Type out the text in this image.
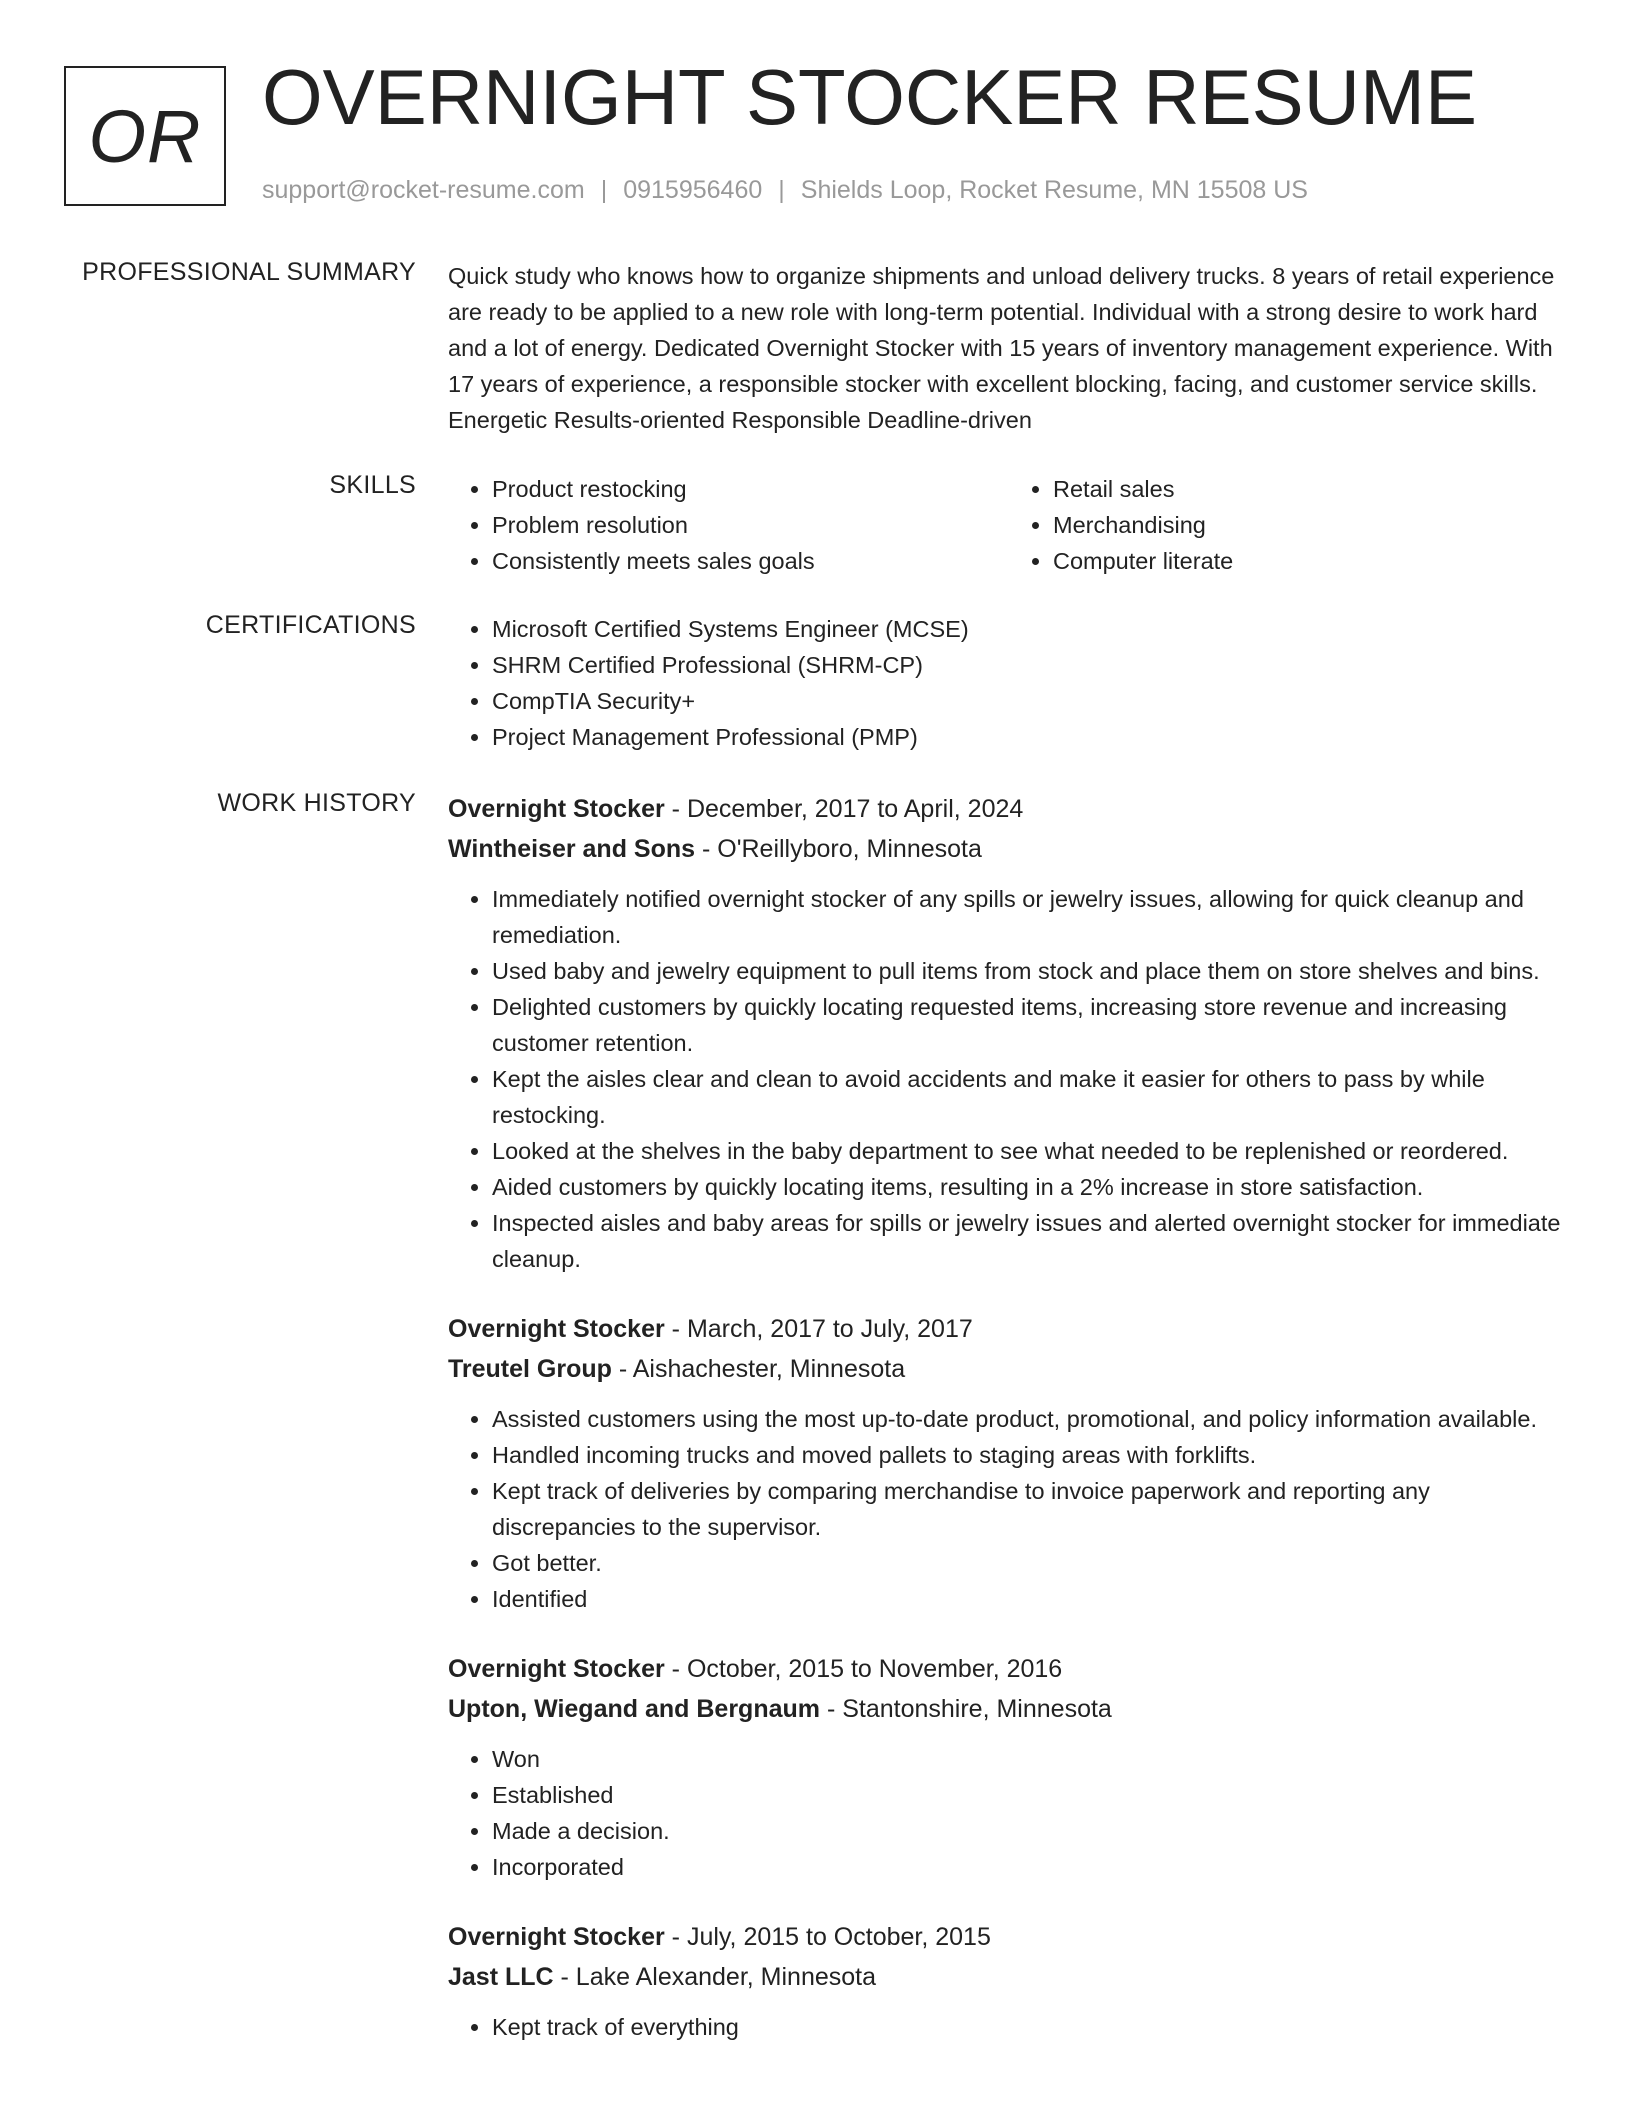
OR OVERNIGHT STOCKER RESUME
support@rocket-resume.com | 0915956460 | Shields Loop, Rocket Resume, MN 15508 US
PROFESSIONAL SUMMARY Quick study who knows how to organize shipments and unload delivery trucks. 8 years of retail experience are ready to be applied to a new role with long-term potential. Individual with a strong desire to work hard and a lot of energy. Dedicated Overnight Stocker with 15 years of inventory management experience. With 17 years of experience, a responsible stocker with excellent blocking, facing, and customer service skills. Energetic Results-oriented Responsible Deadline-driven

SKILLS	• Product restocking
• Problem resolution
• Consistently meets sales goals
• Retail sales
• Merchandising
• Computer literate
CERTIFICATIONS	• Microsoft Certified Systems Engineer (MCSE)
• SHRM Certified Professional (SHRM-CP)
• CompTIA Security+
• Project Management Professional (PMP)
WORK HISTORY Overnight Stocker - December, 2017 to April, 2024
Wintheiser and Sons - O'Reillyboro, Minnesota
• Immediately notified overnight stocker of any spills or jewelry issues, allowing for quick cleanup and remediation.
• Used baby and jewelry equipment to pull items from stock and place them on store shelves and bins.
• Delighted customers by quickly locating requested items, increasing store revenue and increasing customer retention.
• Kept the aisles clear and clean to avoid accidents and make it easier for others to pass by while restocking.
• Looked at the shelves in the baby department to see what needed to be replenished or reordered.
• Aided customers by quickly locating items, resulting in a 2% increase in store satisfaction.
• Inspected aisles and baby areas for spills or jewelry issues and alerted overnight stocker for immediate cleanup.
Overnight Stocker - March, 2017 to July, 2017
Treutel Group - Aishachester, Minnesota
• Assisted customers using the most up-to-date product, promotional, and policy information available.
• Handled incoming trucks and moved pallets to staging areas with forklifts.
• Kept track of deliveries by comparing merchandise to invoice paperwork and reporting any discrepancies to the supervisor.
• Got better.
• Identified
Overnight Stocker - October, 2015 to November, 2016
Upton, Wiegand and Bergnaum - Stantonshire, Minnesota
• Won
• Established
• Made a decision.
• Incorporated
Overnight Stocker - July, 2015 to October, 2015
Jast LLC - Lake Alexander, Minnesota
• Kept track of everything
